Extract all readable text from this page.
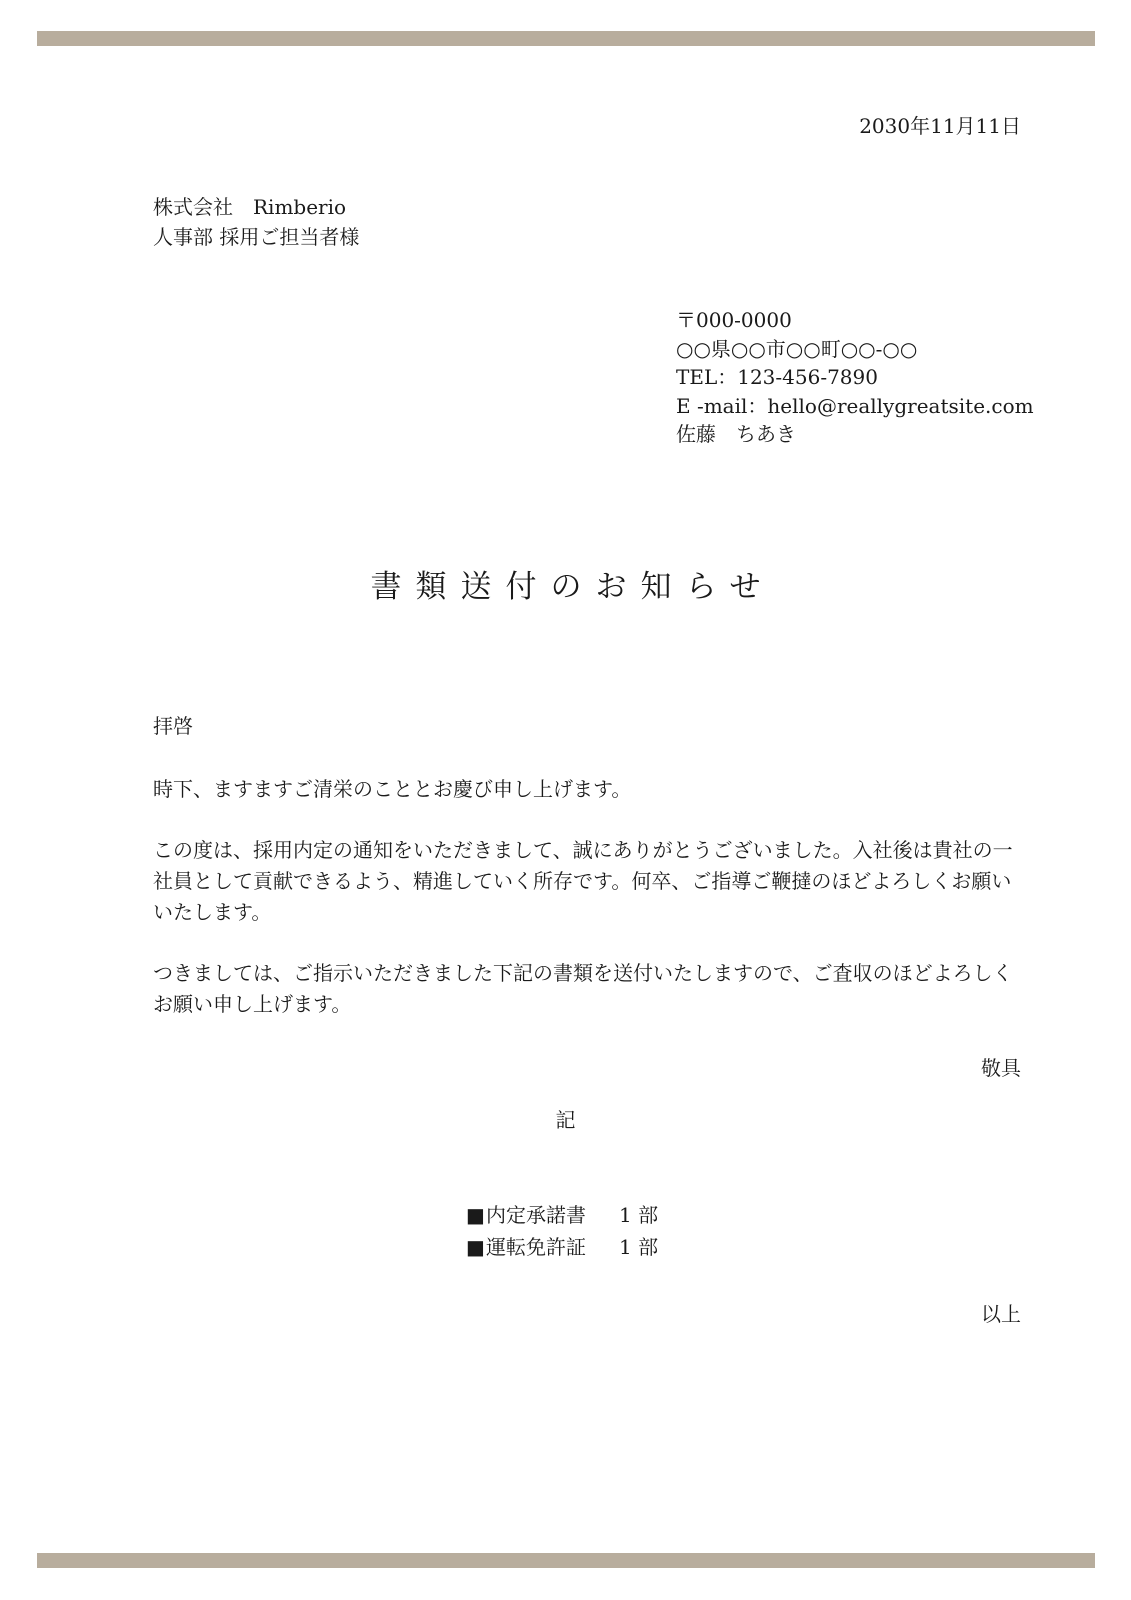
2030年11月11日
株式会社 Rimberio
人事部 採用ご担当者様
〒000-0000
○○県○○市○○町○○-○○
TEL：123-456-7890
E -mail：hello@reallygreatsite.com
佐藤 ちあき
書類送付のお知らせ
拝啓
時下、ますますご清栄のこととお慶び申し上げます。
この度は、採用内定の通知をいただきまして、誠にありがとうございました。入社後は貴社の一社員として貢献できるよう、精進していく所存です。何卒、ご指導ご鞭撻のほどよろしくお願いいたします。
つきましては、ご指示いただきました下記の書類を送付いたしますので、ご査収のほどよろしくお願い申し上げます。
敬具
記
■内定承諾書 1 部
■運転免許証 1 部
以上
